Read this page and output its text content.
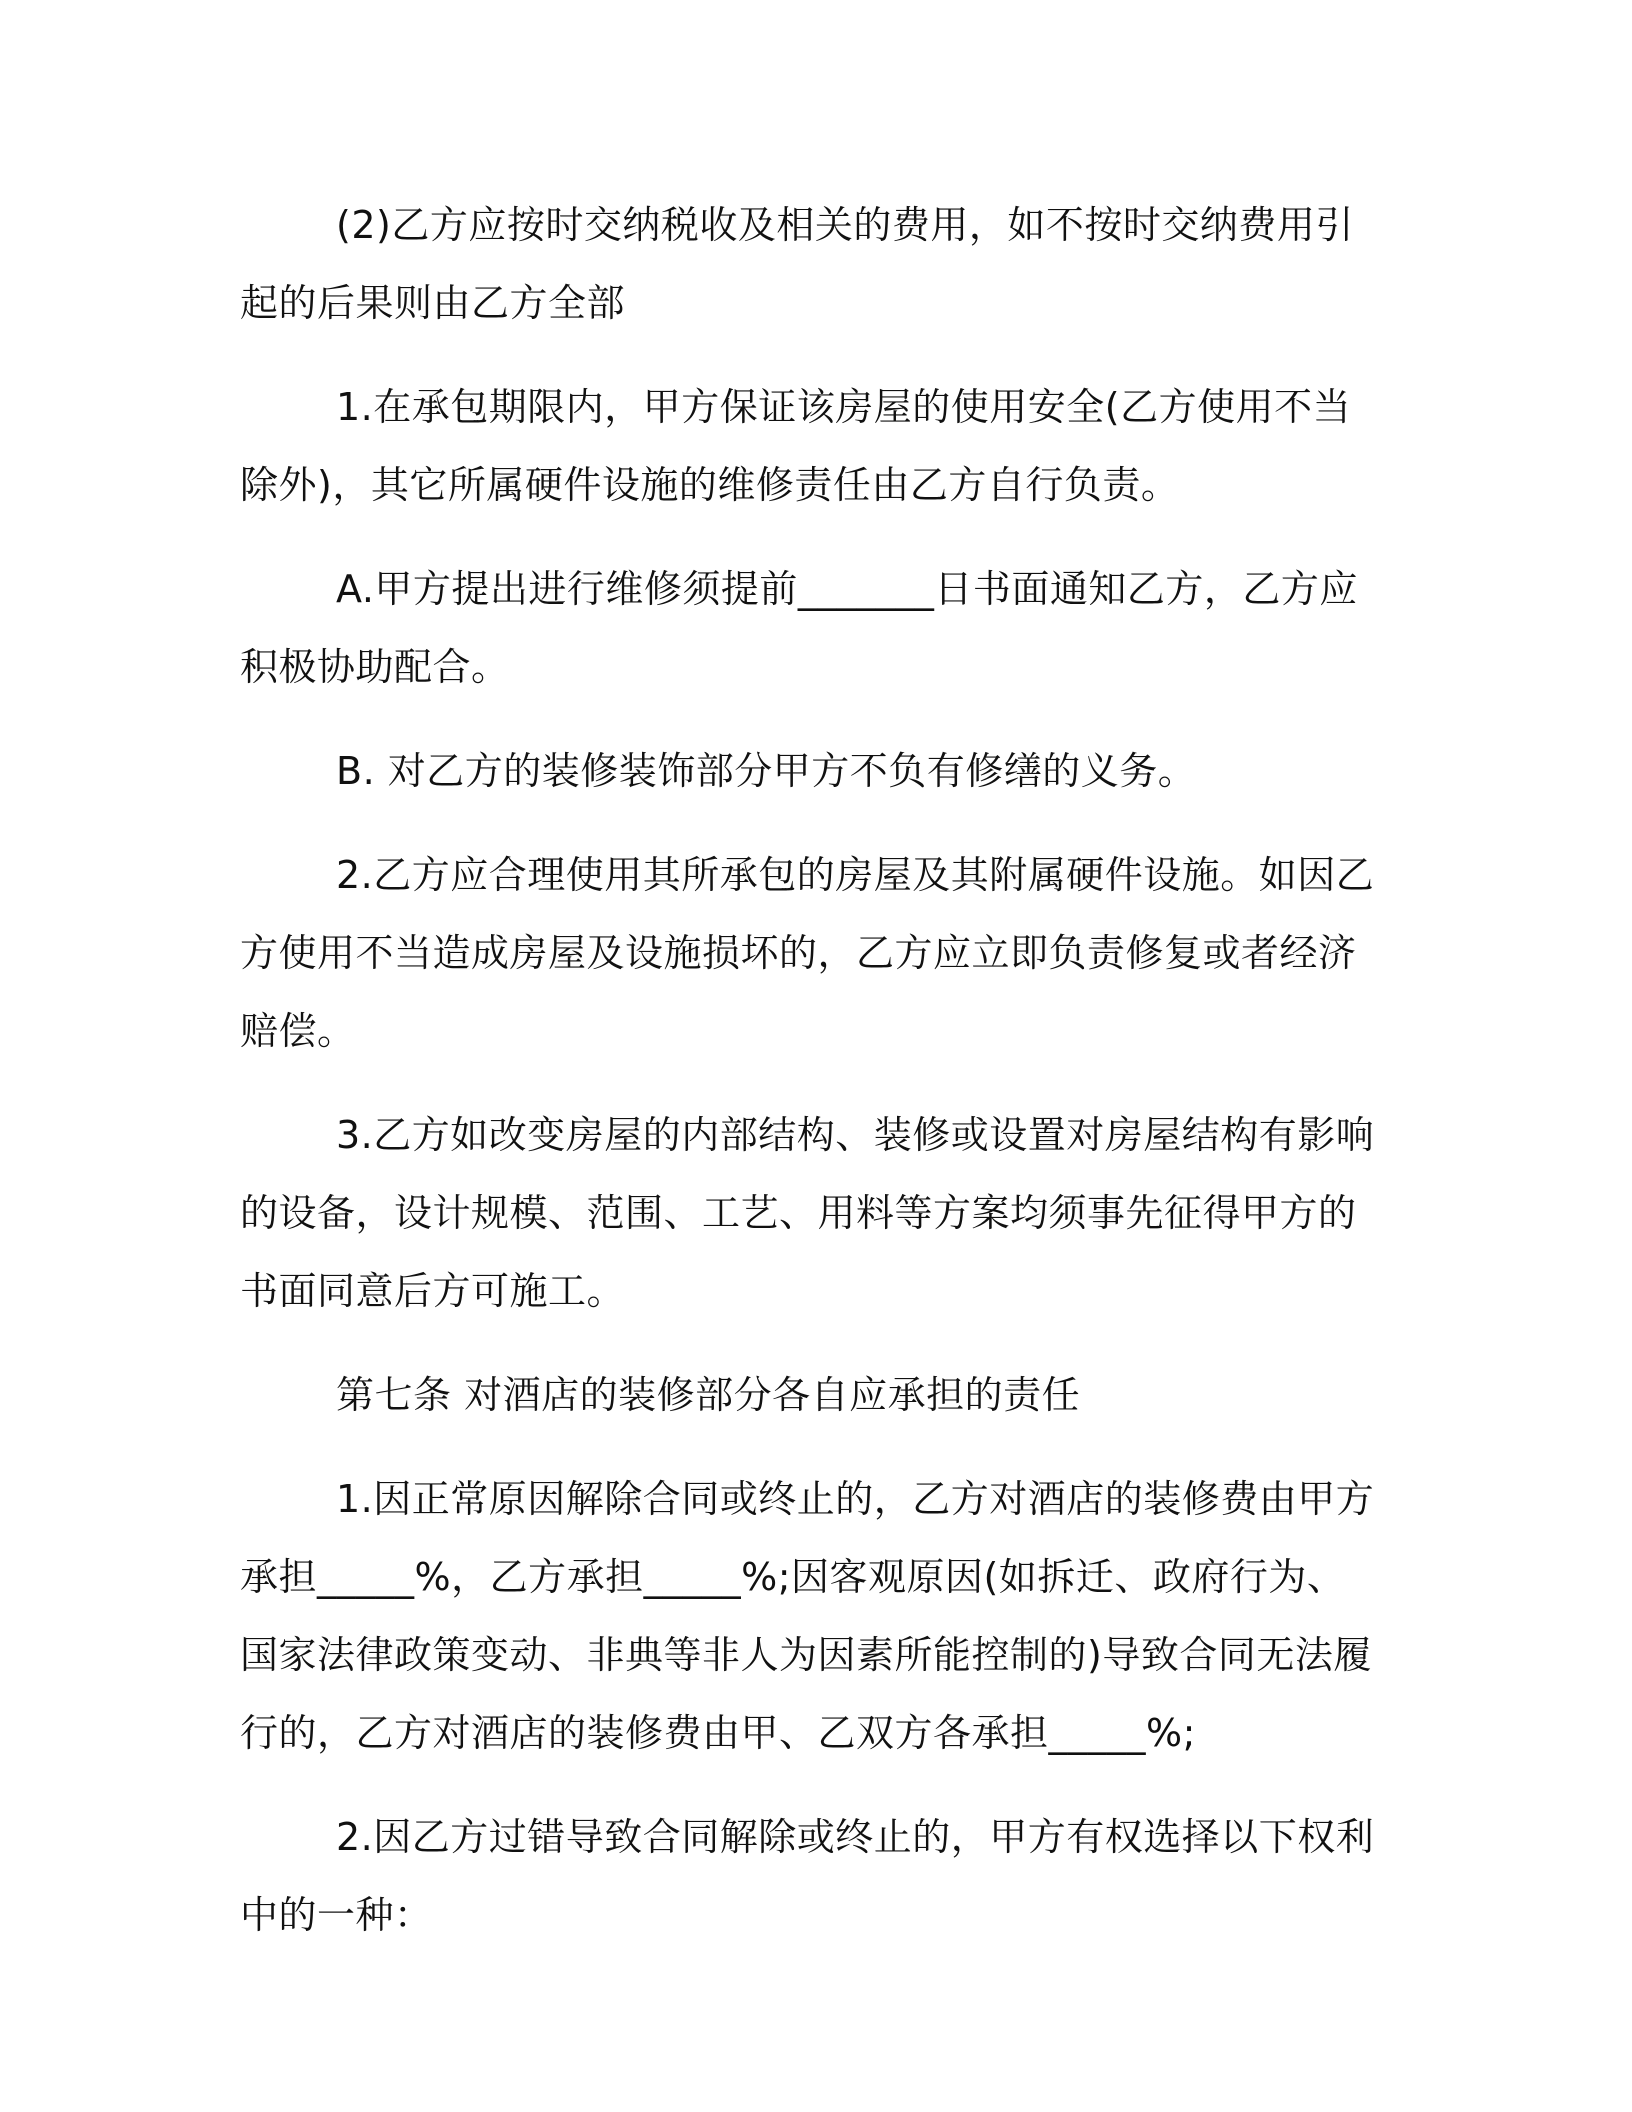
(2)乙方应按时交纳税收及相关的费用，如不按时交纳费用引起的后果则由乙方全部

1.在承包期限内，甲方保证该房屋的使用安全(乙方使用不当除外)，其它所属硬件设施的维修责任由乙方自行负责。

A.甲方提出进行维修须提前_______日书面通知乙方，乙方应积极协助配合。

B. 对乙方的装修装饰部分甲方不负有修缮的义务。

2.乙方应合理使用其所承包的房屋及其附属硬件设施。如因乙方使用不当造成房屋及设施损坏的，乙方应立即负责修复或者经济赔偿。

3.乙方如改变房屋的内部结构、装修或设置对房屋结构有影响的设备，设计规模、范围、工艺、用料等方案均须事先征得甲方的书面同意后方可施工。

第七条 对酒店的装修部分各自应承担的责任

1.因正常原因解除合同或终止的，乙方对酒店的装修费由甲方承担_____%，乙方承担_____%;因客观原因(如拆迁、政府行为、国家法律政策变动、非典等非人为因素所能控制的)导致合同无法履行的，乙方对酒店的装修费由甲、乙双方各承担_____%;

2.因乙方过错导致合同解除或终止的，甲方有权选择以下权利中的一种：
